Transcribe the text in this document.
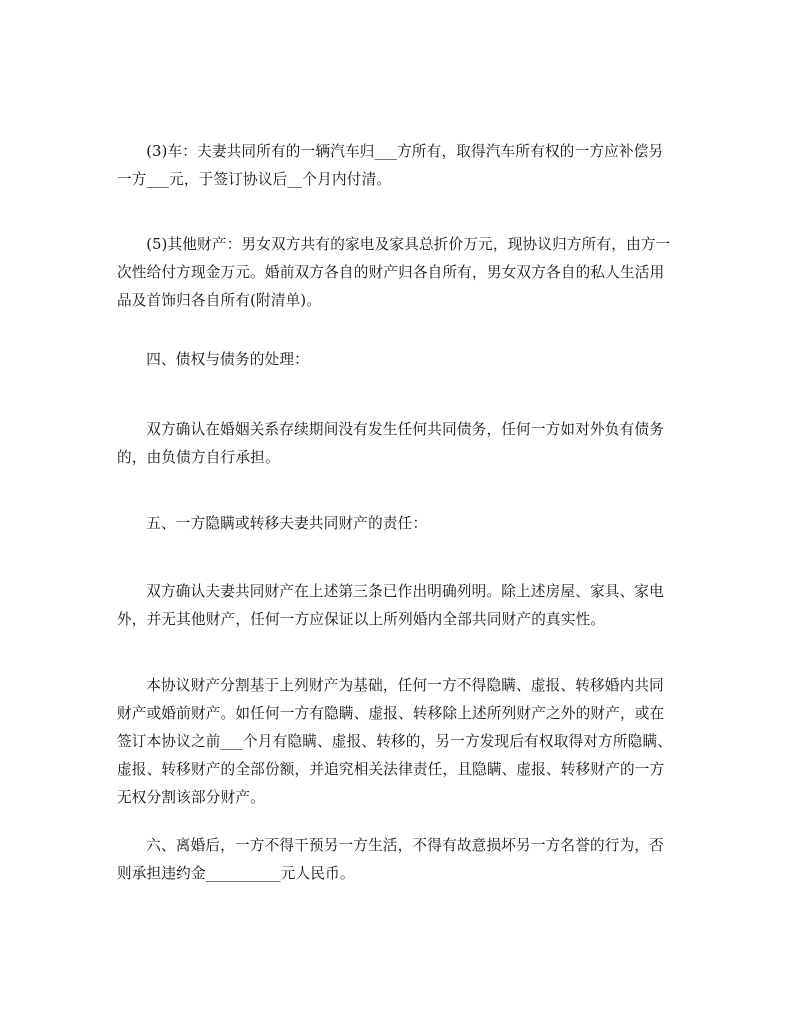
(3)车：夫妻共同所有的一辆汽车归___方所有，取得汽车所有权的一方应补偿另一方___元，于签订协议后__个月内付清。

(5)其他财产：男女双方共有的家电及家具总折价万元，现协议归方所有，由方一次性给付方现金万元。婚前双方各自的财产归各自所有，男女双方各自的私人生活用品及首饰归各自所有(附清单)。

四、债权与债务的处理：

双方确认在婚姻关系存续期间没有发生任何共同债务，任何一方如对外负有债务的，由负债方自行承担。

五、一方隐瞒或转移夫妻共同财产的责任：

双方确认夫妻共同财产在上述第三条已作出明确列明。除上述房屋、家具、家电外，并无其他财产，任何一方应保证以上所列婚内全部共同财产的真实性。

本协议财产分割基于上列财产为基础，任何一方不得隐瞒、虚报、转移婚内共同财产或婚前财产。如任何一方有隐瞒、虚报、转移除上述所列财产之外的财产，或在签订本协议之前___个月有隐瞒、虚报、转移的，另一方发现后有权取得对方所隐瞒、虚报、转移财产的全部份额，并追究相关法律责任，且隐瞒、虚报、转移财产的一方无权分割该部分财产。

六、离婚后，一方不得干预另一方生活，不得有故意损坏另一方名誉的行为，否则承担违约金__________元人民币。
